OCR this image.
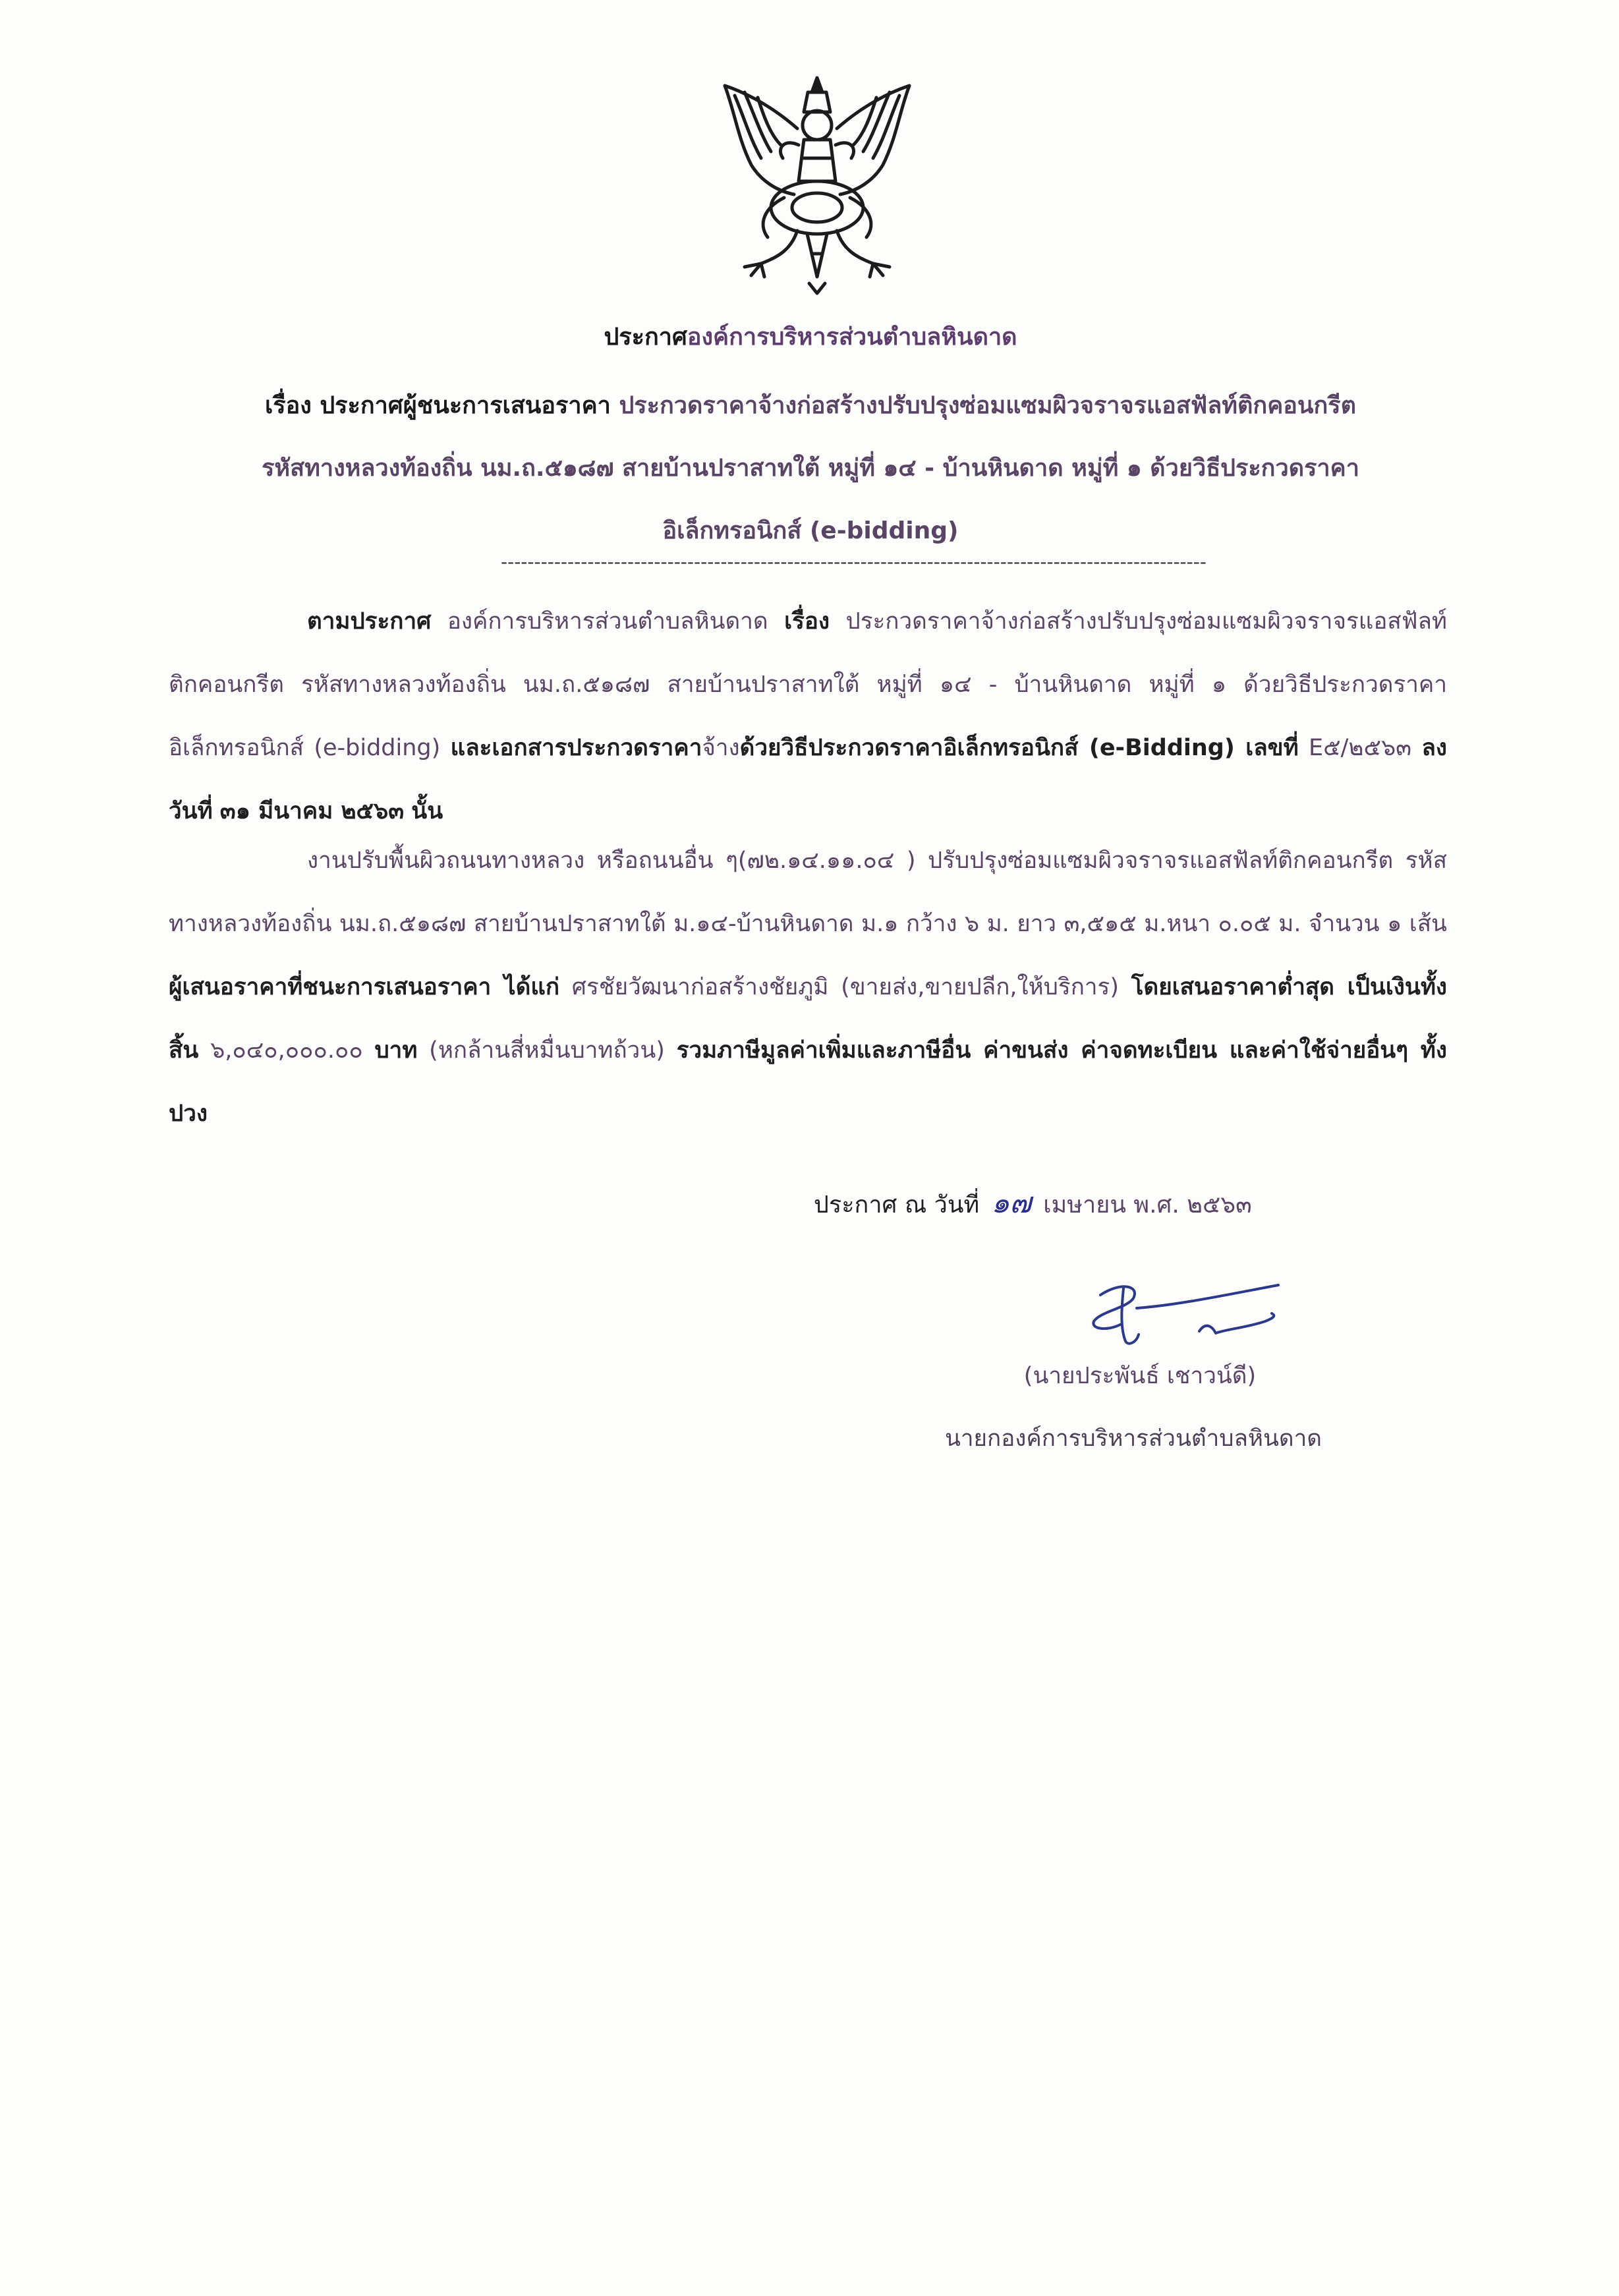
ประกาศองค์การบริหารส่วนตำบลหินดาด
เรื่อง ประกาศผู้ชนะการเสนอราคา ประกวดราคาจ้างก่อสร้างปรับปรุงซ่อมแซมผิวจราจรแอสฟัลท์ติกคอนกรีต
รหัสทางหลวงท้องถิ่น นม.ถ.๕๑๘๗ สายบ้านปราสาทใต้ หมู่ที่ ๑๔ - บ้านหินดาด หมู่ที่ ๑ ด้วยวิธีประกวดราคา
อิเล็กทรอนิกส์ (e-bidding)
----------------------------------------------------------------------------------------------------------
ตามประกาศ องค์การบริหารส่วนตำบลหินดาด เรื่อง ประกวดราคาจ้างก่อสร้างปรับปรุงซ่อมแซมผิวจราจรแอสฟัลท์ติกคอนกรีต รหัสทางหลวงท้องถิ่น นม.ถ.๕๑๘๗ สายบ้านปราสาทใต้ หมู่ที่ ๑๔ - บ้านหินดาด หมู่ที่ ๑ ด้วยวิธีประกวดราคาอิเล็กทรอนิกส์ (e-bidding) และเอกสารประกวดราคาจ้างด้วยวิธีประกวดราคาอิเล็กทรอนิกส์ (e-Bidding) เลขที่ E๕/๒๕๖๓ ลงวันที่ ๓๑ มีนาคม ๒๕๖๓ นั้น
งานปรับพื้นผิวถนนทางหลวง หรือถนนอื่น ๆ(๗๒.๑๔.๑๑.๐๔ ) ปรับปรุงซ่อมแซมผิวจราจรแอสฟัลท์ติกคอนกรีต รหัสทางหลวงท้องถิ่น นม.ถ.๕๑๘๗ สายบ้านปราสาทใต้ ม.๑๔-บ้านหินดาด ม.๑ กว้าง ๖ ม. ยาว ๓,๕๑๕ ม.หนา ๐.๐๕ ม. จำนวน ๑ เส้น ผู้เสนอราคาที่ชนะการเสนอราคา ได้แก่ ศรชัยวัฒนาก่อสร้างชัยภูมิ (ขายส่ง,ขายปลีก,ให้บริการ) โดยเสนอราคาต่ำสุด เป็นเงินทั้งสิ้น ๖,๐๔๐,๐๐๐.๐๐ บาท (หกล้านสี่หมื่นบาทถ้วน) รวมภาษีมูลค่าเพิ่มและภาษีอื่น ค่าขนส่ง ค่าจดทะเบียน และค่าใช้จ่ายอื่นๆ ทั้งปวง
ประกาศ ณ วันที่ ๑๗ เมษายน พ.ศ. ๒๕๖๓
(นายประพันธ์ เชาวน์ดี)
นายกองค์การบริหารส่วนตำบลหินดาด
